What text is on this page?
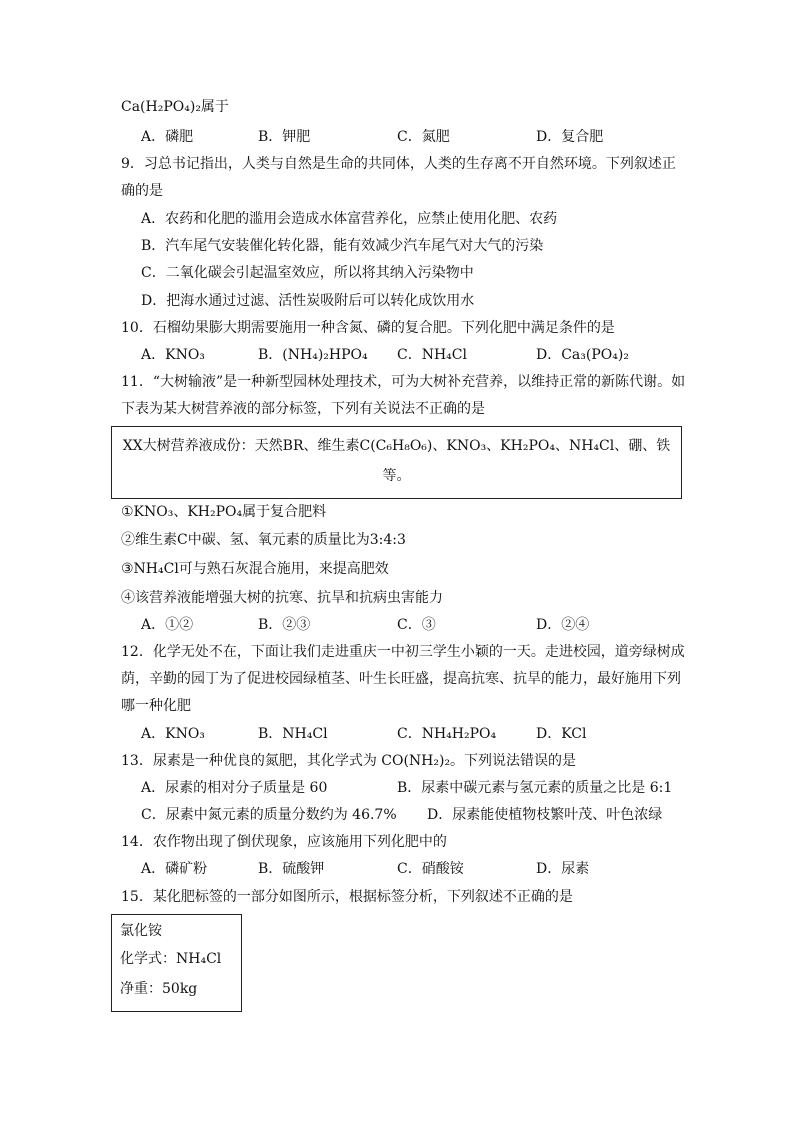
Ca(H₂PO₄)₂属于
A．磷肥	B．钾肥	C．氮肥	D．复合肥
9．习总书记指出，人类与自然是生命的共同体，人类的生存离不开自然环境。下列叙述正
确的是
A．农药和化肥的滥用会造成水体富营养化，应禁止使用化肥、农药
B．汽车尾气安装催化转化器，能有效减少汽车尾气对大气的污染
C．二氧化碳会引起温室效应，所以将其纳入污染物中
D．把海水通过过滤、活性炭吸附后可以转化成饮用水
10．石榴幼果膨大期需要施用一种含氮、磷的复合肥。下列化肥中满足条件的是
A．KNO₃	B．(NH₄)₂HPO₄ C．NH₄Cl	D．Ca₃(PO₄)₂
11．“大树输液”是一种新型园林处理技术，可为大树补充营养，以维持正常的新陈代谢。如
下表为某大树营养液的部分标签，下列有关说法不正确的是
XX大树营养液成份：天然BR、维生素C(C₆H₈O₆)、KNO₃、KH₂PO₄、NH₄Cl、硼、铁
等。
①KNO₃、KH₂PO₄属于复合肥料
②维生素C中碳、氢、氧元素的质量比为3:4:3
③NH₄Cl可与熟石灰混合施用，来提高肥效
④该营养液能增强大树的抗寒、抗旱和抗病虫害能力
A．①②	B．②③	C．③	D．②④
12．化学无处不在，下面让我们走进重庆一中初三学生小颖的一天。走进校园，道旁绿树成
荫，辛勤的园丁为了促进校园绿植茎、叶生长旺盛，提高抗寒、抗旱的能力，最好施用下列
哪一种化肥
A．KNO₃	B．NH₄Cl	C．NH₄H₂PO₄	D．KCl
13．尿素是一种优良的氮肥，其化学式为 CO(NH₂)₂。下列说法错误的是
A．尿素的相对分子质量是 60	B．尿素中碳元素与氢元素的质量之比是 6:1
C．尿素中氮元素的质量分数约为 46.7% D．尿素能使植物枝繁叶茂、叶色浓绿
14．农作物出现了倒伏现象，应该施用下列化肥中的
A．磷矿粉	B．硫酸钾	C．硝酸铵	D．尿素
15．某化肥标签的一部分如图所示，根据标签分析，下列叙述不正确的是
氯化铵
化学式：NH₄Cl
净重：50kg
